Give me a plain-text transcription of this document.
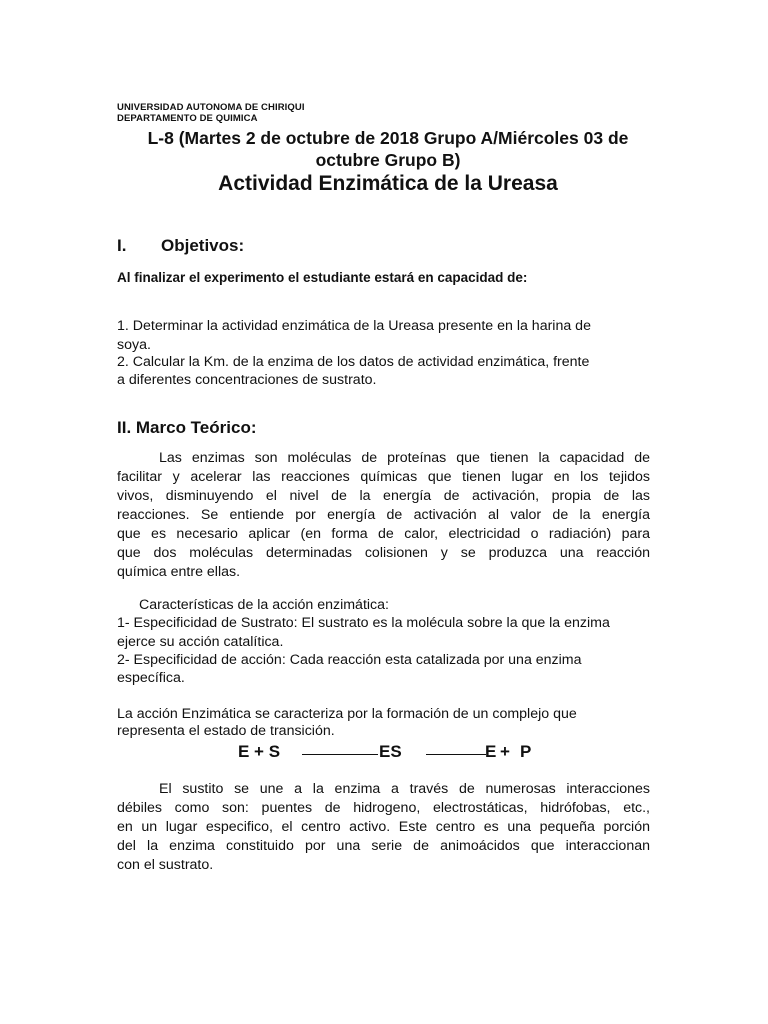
UNIVERSIDAD AUTONOMA DE CHIRIQUI
DEPARTAMENTO DE QUIMICA
L-8 (Martes 2 de octubre de 2018 Grupo A/Miércoles 03 de
octubre Grupo B)
Actividad Enzimática de la Ureasa
I. Objetivos:
Al finalizar el experimento el estudiante estará en capacidad de:
1. Determinar la actividad enzimática de la Ureasa presente en la harina de
soya.
2. Calcular la Km. de la enzima de los datos de actividad enzimática, frente
a diferentes concentraciones de sustrato.
II. Marco Teórico:
Las enzimas son moléculas de proteínas que tienen la capacidad de
facilitar y acelerar las reacciones químicas que tienen lugar en los tejidos
vivos, disminuyendo el nivel de la energía de activación, propia de las
reacciones. Se entiende por energía de activación al valor de la energía
que es necesario aplicar (en forma de calor, electricidad o radiación) para
que dos moléculas determinadas colisionen y se produzca una reacción
química entre ellas.
Características de la acción enzimática:
1- Especificidad de Sustrato: El sustrato es la molécula sobre la que la enzima
ejerce su acción catalítica.
2- Especificidad de acción: Cada reacción esta catalizada por una enzima
específica.
La acción Enzimática se caracteriza por la formación de un complejo que
representa el estado de transición.
E + S	ES	E + P
El sustito se une a la enzima a través de numerosas interacciones
débiles como son: puentes de hidrogeno, electrostáticas, hidrófobas, etc.,
en un lugar especifico, el centro activo. Este centro es una pequeña porción
del la enzima constituido por una serie de animoácidos que interaccionan
con el sustrato.
